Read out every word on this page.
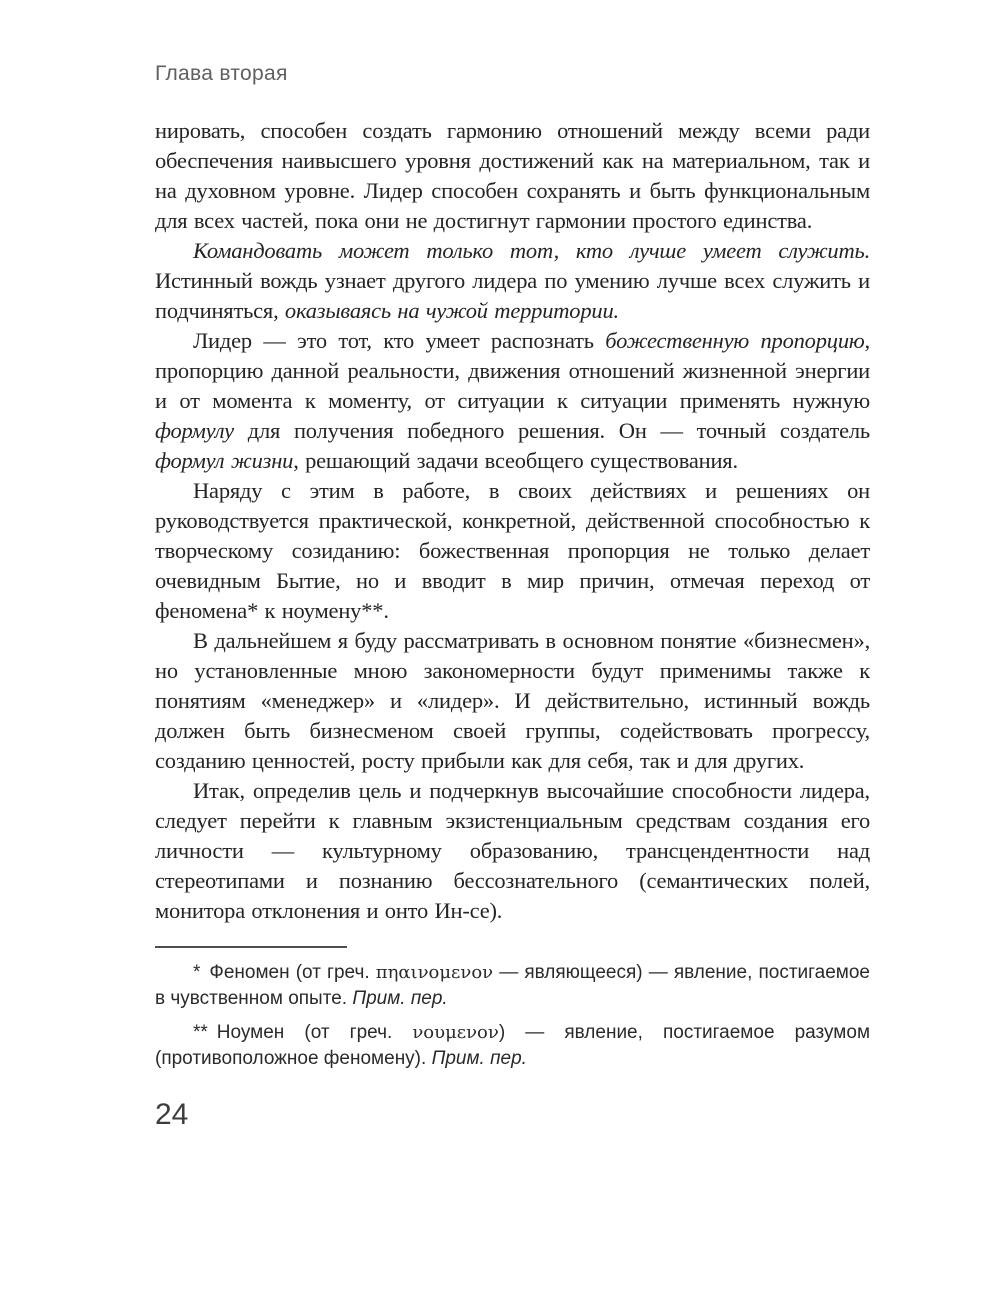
Глава вторая

нировать, способен создать гармонию отношений между всеми ради обеспечения наивысшего уровня достижений как на материальном, так и на духовном уровне. Лидер способен сохранять и быть функциональным для всех частей, пока они не достигнут гармонии простого единства.

Командовать может только тот, кто лучше умеет служить. Истинный вождь узнает другого лидера по умению лучше всех служить и подчиняться, оказываясь на чужой территории.

Лидер — это тот, кто умеет распознать божественную пропорцию, пропорцию данной реальности, движения отношений жизненной энергии и от момента к моменту, от ситуации к ситуации применять нужную формулу для получения победного решения. Он — точный создатель формул жизни, решающий задачи всеобщего существования.

Наряду с этим в работе, в своих действиях и решениях он руководствуется практической, конкретной, действенной способностью к творческому созиданию: божественная пропорция не только делает очевидным Бытие, но и вводит в мир причин, отмечая переход от феномена* к ноумену**.

В дальнейшем я буду рассматривать в основном понятие «бизнесмен», но установленные мною закономерности будут применимы также к понятиям «менеджер» и «лидер». И действительно, истинный вождь должен быть бизнесменом своей группы, содействовать прогрессу, созданию ценностей, росту прибыли как для себя, так и для других.

Итак, определив цель и подчеркнув высочайшие способности лидера, следует перейти к главным экзистенциальным средствам создания его личности — культурному образованию, трансцендентности над стереотипами и познанию бессознательного (семантических полей, монитора отклонения и онто Ин-се).

* Феномен (от греч. πηαινομενον — являющееся) — явление, постигаемое в чувственном опыте. Прим. пер.

** Ноумен (от греч. νουμενον) — явление, постигаемое разумом (противоположное феномену). Прим. пер.

24
